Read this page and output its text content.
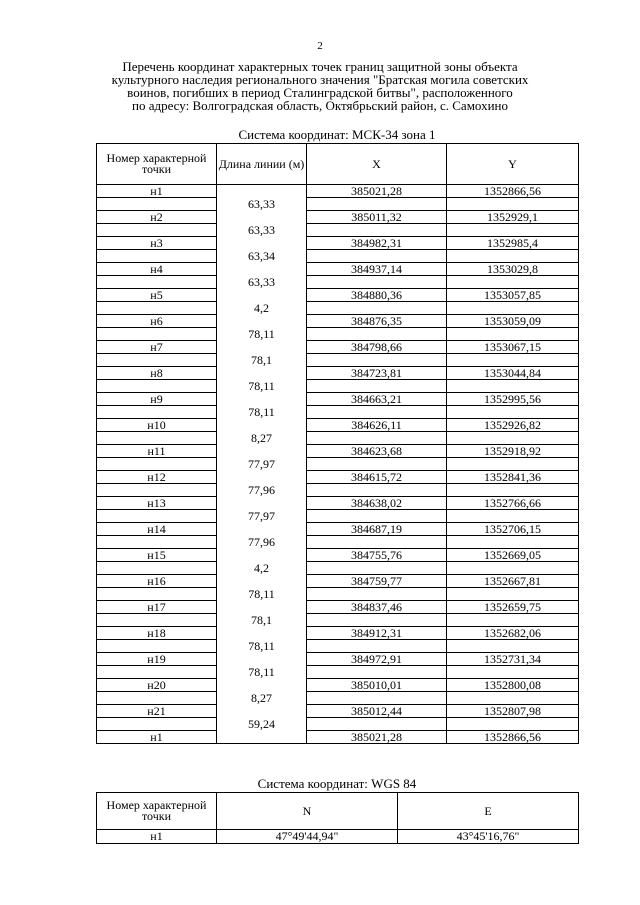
2
Перечень координат характерных точек границ защитной зоны объекта
культурного наследия регионального значения "Братская могила советских
воинов, погибших в период Сталинградской битвы", расположенного
по адресу: Волгоградская область, Октябрьский район, с. Самохино
Система координат: МСК-34 зона 1
Номер характерной точки	Длина линии (м)	X	Y
н1		385021,28	1352866,56
	63,33		
н2		385011,32	1352929,1
	63,33		
н3		384982,31	1352985,4
	63,34		
н4		384937,14	1353029,8
	63,33		
н5		384880,36	1353057,85
	4,2		
н6		384876,35	1353059,09
	78,11		
н7		384798,66	1353067,15
	78,1		
н8		384723,81	1353044,84
	78,11		
н9		384663,21	1352995,56
	78,11		
н10		384626,11	1352926,82
	8,27		
н11		384623,68	1352918,92
	77,97		
н12		384615,72	1352841,36
	77,96		
н13		384638,02	1352766,66
	77,97		
н14		384687,19	1352706,15
	77,96		
н15		384755,76	1352669,05
	4,2		
н16		384759,77	1352667,81
	78,11		
н17		384837,46	1352659,75
	78,1		
н18		384912,31	1352682,06
	78,11		
н19		384972,91	1352731,34
	78,11		
н20		385010,01	1352800,08
	8,27		
н21		385012,44	1352807,98
	59,24		
н1		385021,28	1352866,56
Система координат: WGS 84
Номер характерной точки	N	E
н1	47°49'44,94"	43°45'16,76"
